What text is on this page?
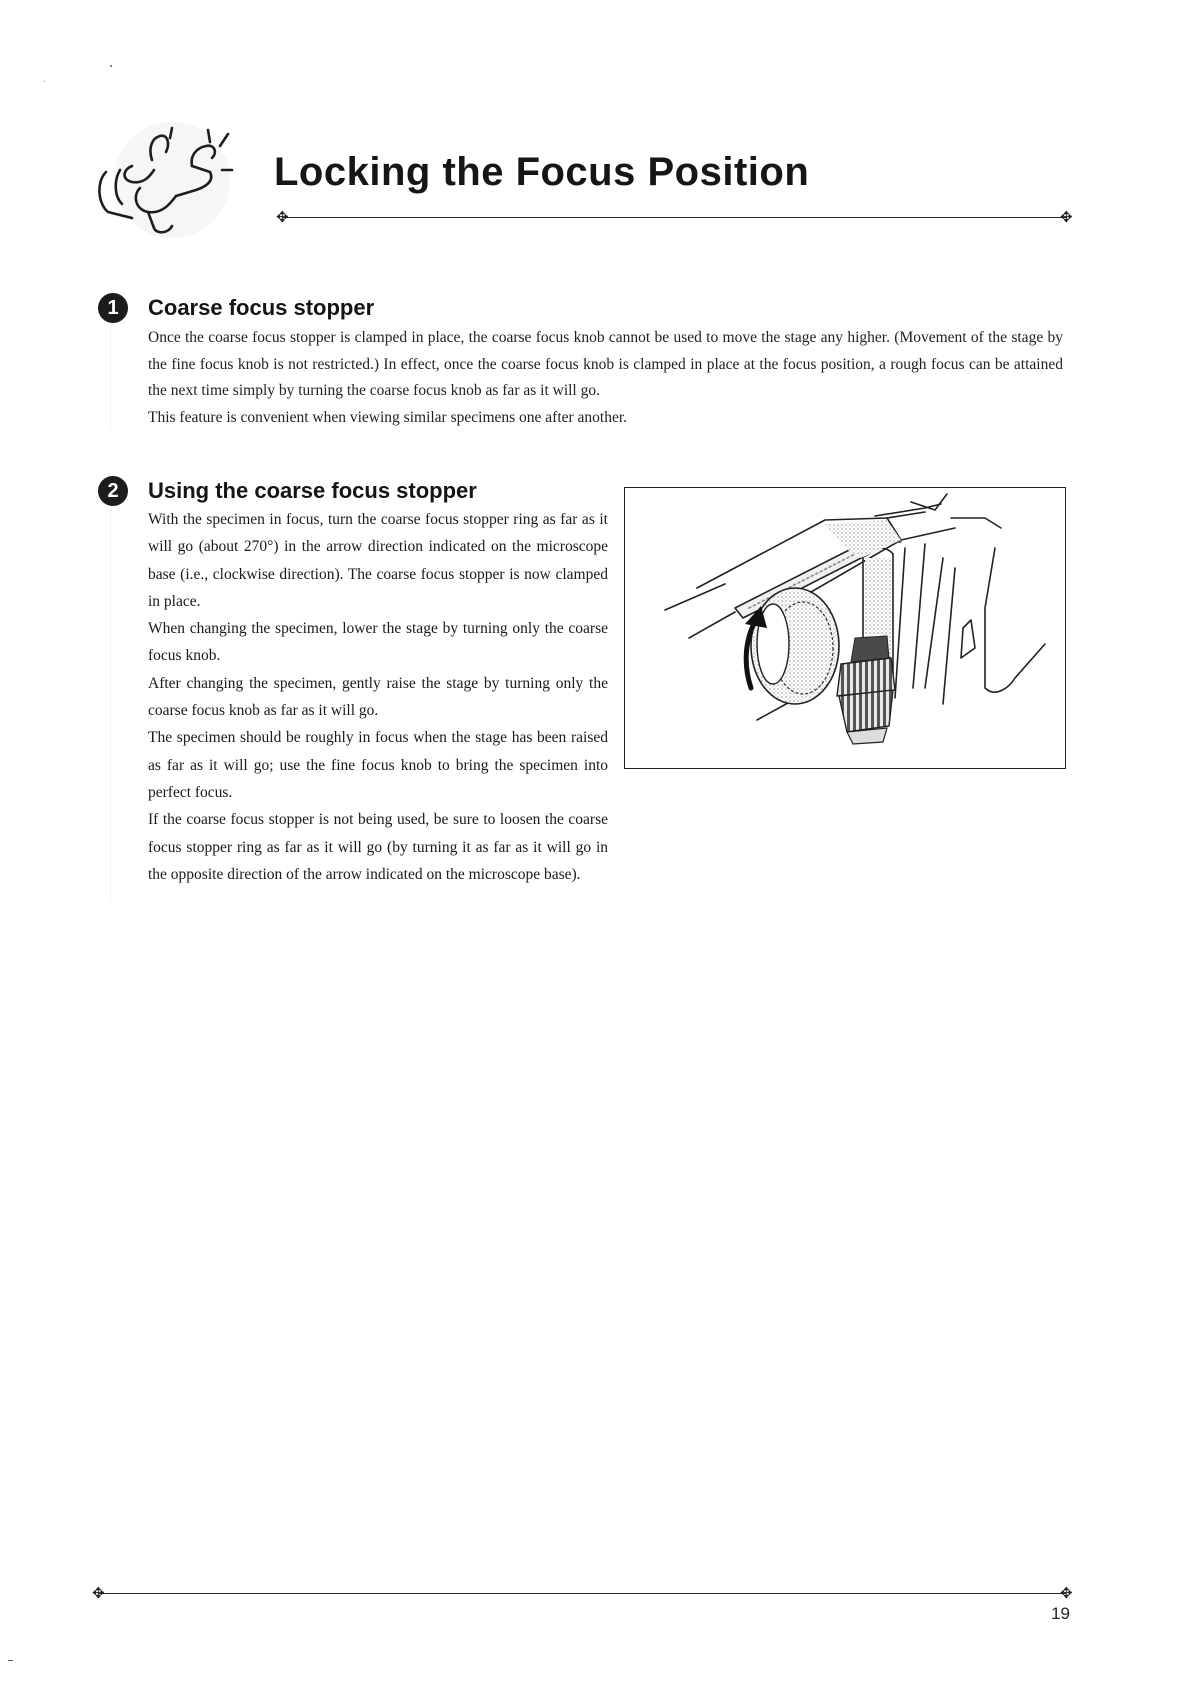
Locking the Focus Position
✥	✥
1	Coarse focus stopper

Once the coarse focus stopper is clamped in place, the coarse focus knob cannot be used to move the stage any higher. (Movement of the stage by the fine focus knob is not restricted.) In effect, once the coarse focus knob is clamped in place at the focus position, a rough focus can be attained the next time simply by turning the coarse focus knob as far as it will go.

This feature is convenient when viewing similar specimens one after another.

2	Using the coarse focus stopper

With the specimen in focus, turn the coarse focus stopper ring as far as it will go (about 270°) in the arrow direction indicated on the microscope base (i.e., clockwise direction). The coarse focus stopper is now clamped in place.

When changing the specimen, lower the stage by turning only the coarse focus knob.

After changing the specimen, gently raise the stage by turning only the coarse focus knob as far as it will go.

The specimen should be roughly in focus when the stage has been raised as far as it will go; use the fine focus knob to bring the specimen into perfect focus.

If the coarse focus stopper is not being used, be sure to loosen the coarse focus stopper ring as far as it will go (by turning it as far as it will go in the opposite direction of the arrow indicated on the microscope base).

✥	✥
19
